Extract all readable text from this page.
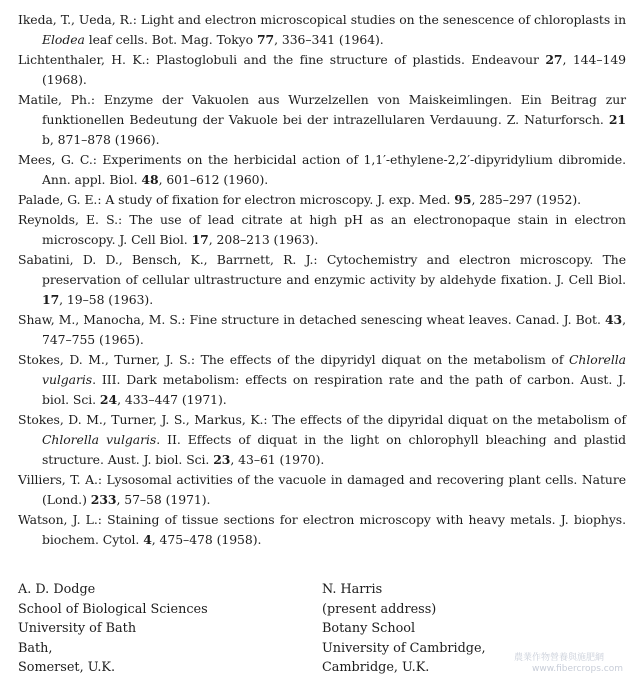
Ikeda, T., Ueda, R.: Light and electron microscopical studies on the senescence of chloroplasts in Elodea leaf cells. Bot. Mag. Tokyo 77, 336–341 (1964).

Lichtenthaler, H. K.: Plastoglobuli and the fine structure of plastids. Endeavour 27, 144–149 (1968).

Matile, Ph.: Enzyme der Vakuolen aus Wurzelzellen von Maiskeimlingen. Ein Beitrag zur funktionellen Bedeutung der Vakuole bei der intrazellularen Verdauung. Z. Naturforsch. 21 b, 871–878 (1966).

Mees, G. C.: Experiments on the herbicidal action of 1,1′-ethylene-2,2′-dipyridylium dibromide. Ann. appl. Biol. 48, 601–612 (1960).

Palade, G. E.: A study of fixation for electron microscopy. J. exp. Med. 95, 285–297 (1952).

Reynolds, E. S.: The use of lead citrate at high pH as an electronopaque stain in electron microscopy. J. Cell Biol. 17, 208–213 (1963).

Sabatini, D. D., Bensch, K., Barrnett, R. J.: Cytochemistry and electron microscopy. The preservation of cellular ultrastructure and enzymic activity by aldehyde fixation. J. Cell Biol. 17, 19–58 (1963).

Shaw, M., Manocha, M. S.: Fine structure in detached senescing wheat leaves. Canad. J. Bot. 43, 747–755 (1965).

Stokes, D. M., Turner, J. S.: The effects of the dipyridyl diquat on the metabolism of Chlorella vulgaris. III. Dark metabolism: effects on respiration rate and the path of carbon. Aust. J. biol. Sci. 24, 433–447 (1971).

Stokes, D. M., Turner, J. S., Markus, K.: The effects of the dipyridal diquat on the metabolism of Chlorella vulgaris. II. Effects of diquat in the light on chlorophyll bleaching and plastid structure. Aust. J. biol. Sci. 23, 43–61 (1970).

Villiers, T. A.: Lysosomal activities of the vacuole in damaged and recovering plant cells. Nature (Lond.) 233, 57–58 (1971).

Watson, J. L.: Staining of tissue sections for electron microscopy with heavy metals. J. biophys. biochem. Cytol. 4, 475–478 (1958).

A. D. Dodge
School of Biological Sciences
University of Bath
Bath,
Somerset, U.K.
N. Harris
(present address)
Botany School
University of Cambridge,
Cambridge, U.K.
農業作物營養與施肥網
www.fibercrops.com
